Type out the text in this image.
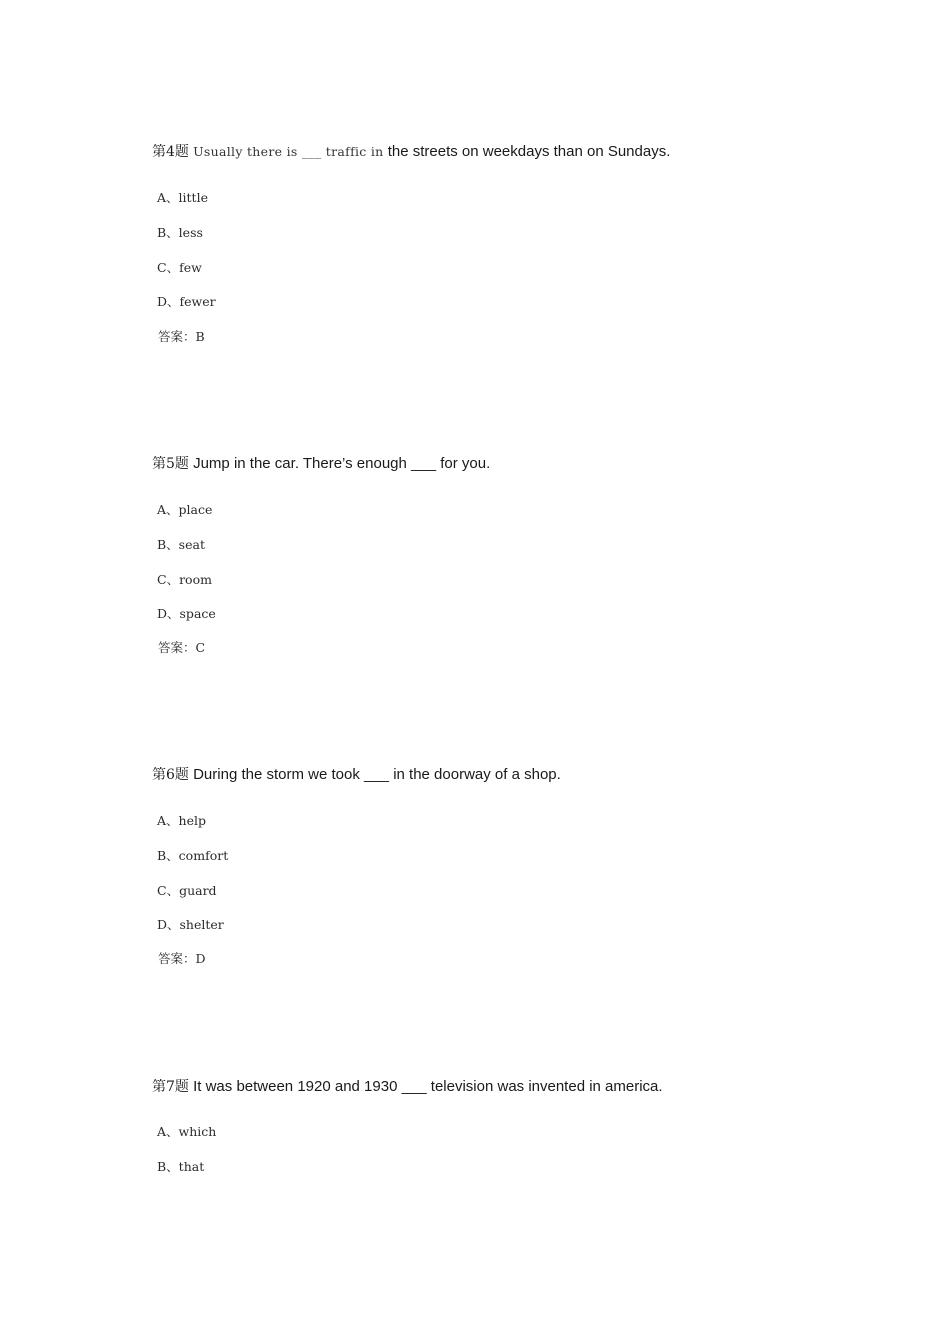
第4题 Usually there is ___ traffic in the streets on weekdays than on Sundays.
A、little
B、less
C、few
D、fewer
答案：B
第5题 Jump in the car. There’s enough ___ for you.
A、place
B、seat
C、room
D、space
答案：C
第6题 During the storm we took ___ in the doorway of a shop.
A、help
B、comfort
C、guard
D、shelter
答案：D
第7题 It was between 1920 and 1930 ___ television was invented in america.
A、which
B、that
